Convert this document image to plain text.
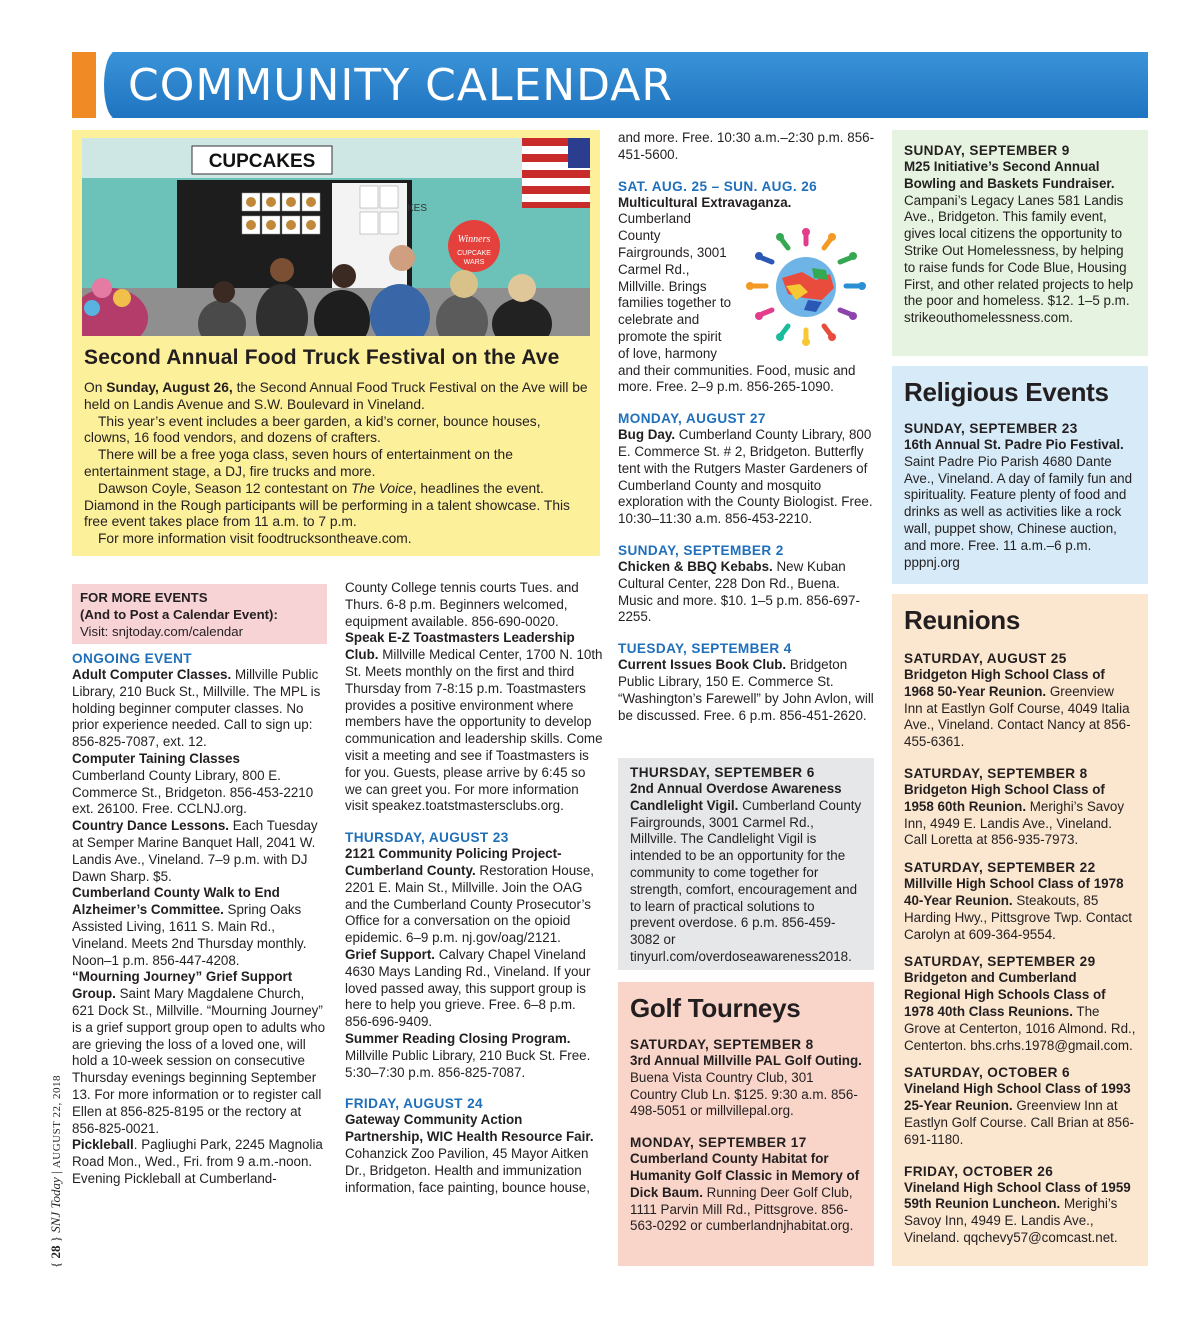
COMMUNITY CALENDAR
CUPCAKES
KES
Winners
CUPCAKE
WARS
Second Annual Food Truck Festival on the Ave

On Sunday, August 26, the Second Annual Food Truck Festival on the Ave will be held on Landis Avenue and S.W. Boulevard in Vineland.

This year’s event includes a beer garden, a kid’s corner, bounce houses, clowns, 16 food vendors, and dozens of crafters.

There will be a free yoga class, seven hours of entertainment on the entertainment stage, a DJ, fire trucks and more.

Dawson Coyle, Season 12 contestant on The Voice, headlines the event. Diamond in the Rough participants will be performing in a talent showcase. This free event takes place from 11 a.m. to 7 p.m.

For more information visit foodtrucksontheave.com.

FOR MORE EVENTS
(And to Post a Calendar Event):
Visit: snjtoday.com/calendar
ONGOING EVENT

Adult Computer Classes. Millville Public Library, 210 Buck St., Millville. The MPL is holding beginner computer classes. No prior experience needed. Call to sign up: 856-825-7087, ext. 12.

Computer Taining Classes

Cumberland County Library, 800 E. Commerce St., Bridgeton. 856-453-2210 ext. 26100. Free. CCLNJ.org.

Country Dance Lessons. Each Tuesday at Semper Marine Banquet Hall, 2041 W. Landis Ave., Vineland. 7–9 p.m. with DJ Dawn Sharp. $5.

Cumberland County Walk to End Alzheimer’s Committee. Spring Oaks Assisted Living, 1611 S. Main Rd., Vineland. Meets 2nd Thursday monthly. Noon–1 p.m. 856-447-4208.

“Mourning Journey” Grief Support Group. Saint Mary Magdalene Church, 621 Dock St., Millville. “Mourning Journey” is a grief support group open to adults who are grieving the loss of a loved one, will hold a 10-week session on consecutive Thursday evenings beginning September 13. For more information or to register call Ellen at 856-825-8195 or the rectory at 856-825-0021.

Pickleball. Pagliughi Park, 2245 Magnolia Road Mon., Wed., Fri. from 9 a.m.-noon. Evening Pickleball at Cumberland-

County College tennis courts Tues. and Thurs. 6-8 p.m. Beginners welcomed, equipment available. 856-690-0020.

Speak E-Z Toastmasters Leadership Club. Millville Medical Center, 1700 N. 10th St. Meets monthly on the first and third Thursday from 7-8:15 p.m. Toastmasters provides a positive environment where members have the opportunity to develop communication and leadership skills. Come visit a meeting and see if Toastmasters is for you. Guests, please arrive by 6:45 so we can greet you. For more information visit speakez.toatstmastersclubs.org.

THURSDAY, AUGUST 23

2121 Community Policing Project-Cumberland County. Restoration House, 2201 E. Main St., Millville. Join the OAG and the Cumberland County Prosecutor’s Office for a conversation on the opioid epidemic. 6–9 p.m. nj.gov/oag/2121.

Grief Support. Calvary Chapel Vineland 4630 Mays Landing Rd., Vineland. If your loved passed away, this support group is here to help you grieve. Free. 6–8 p.m. 856-696-9409.

Summer Reading Closing Program. Millville Public Library, 210 Buck St. Free. 5:30–7:30 p.m. 856-825-7087.

FRIDAY, AUGUST 24

Gateway Community Action Partnership, WIC Health Resource Fair. Cohanzick Zoo Pavilion, 45 Mayor Aitken Dr., Bridgeton. Health and immunization information, face painting, bounce house,

and more. Free. 10:30 a.m.–2:30 p.m. 856-451-5600.

SAT. AUG. 25 – SUN. AUG. 26

Multicultural Extravaganza.
Cumberland County Fairgrounds, 3001 Carmel Rd., Millville. Brings families together to celebrate and promote the spirit of love, harmony

and their communities. Food, music and more. Free. 2–9 p.m. 856-265-1090.

MONDAY, AUGUST 27

Bug Day. Cumberland County Library, 800 E. Commerce St. # 2, Bridgeton. Butterfly tent with the Rutgers Master Gardeners of Cumberland County and mosquito exploration with the County Biologist. Free. 10:30–11:30 a.m. 856-453-2210.

SUNDAY, SEPTEMBER 2

Chicken & BBQ Kebabs. New Kuban Cultural Center, 228 Don Rd., Buena. Music and more. $10. 1–5 p.m. 856-697-2255.

TUESDAY, SEPTEMBER 4

Current Issues Book Club. Bridgeton Public Library, 150 E. Commerce St. “Washington’s Farewell” by John Avlon, will be discussed. Free. 6 p.m. 856-451-2620.

THURSDAY, SEPTEMBER 6

2nd Annual Overdose Awareness Candlelight Vigil. Cumberland County Fairgrounds, 3001 Carmel Rd., Millville. The Candlelight Vigil is intended to be an opportunity for the community to come together for strength, comfort, encouragement and to learn of practical solutions to prevent overdose. 6 p.m. 856-459-3082 or tinyurl.com/overdoseawareness2018.

Golf Tourneys
SATURDAY, SEPTEMBER 8

3rd Annual Millville PAL Golf Outing. Buena Vista Country Club, 301 Country Club Ln. $125. 9:30 a.m. 856-498-5051 or millvillepal.org.

MONDAY, SEPTEMBER 17

Cumberland County Habitat for Humanity Golf Classic in Memory of Dick Baum. Running Deer Golf Club, 1111 Parvin Mill Rd., Pittsgrove. 856-563-0292 or cumberlandnjhabitat.org.

SUNDAY, SEPTEMBER 9

M25 Initiative’s Second Annual Bowling and Baskets Fundraiser. Campani’s Legacy Lanes 581 Landis Ave., Bridgeton. This family event, gives local citizens the opportunity to Strike Out Homelessness, by helping to raise funds for Code Blue, Housing First, and other related projects to help the poor and homeless. $12. 1–5 p.m. strikeouthomelessness.com.

Religious Events
SUNDAY, SEPTEMBER 23

16th Annual St. Padre Pio Festival. Saint Padre Pio Parish 4680 Dante Ave., Vineland. A day of family fun and spirituality. Feature plenty of food and drinks as well as activities like a rock wall, puppet show, Chinese auction, and more. Free. 11 a.m.–6 p.m. pppnj.org

Reunions
SATURDAY, AUGUST 25

Bridgeton High School Class of 1968 50-Year Reunion. Greenview Inn at Eastlyn Golf Course, 4049 Italia Ave., Vineland. Contact Nancy at 856-455-6361.

SATURDAY, SEPTEMBER 8

Bridgeton High School Class of 1958 60th Reunion. Merighi’s Savoy Inn, 4949 E. Landis Ave., Vineland. Call Loretta at 856-935-7973.

SATURDAY, SEPTEMBER 22

Millville High School Class of 1978 40-Year Reunion. Steakouts, 85 Harding Hwy., Pittsgrove Twp. Contact Carolyn at 609-364-9554.

SATURDAY, SEPTEMBER 29

Bridgeton and Cumberland Regional High Schools Class of 1978 40th Class Reunions. The Grove at Centerton, 1016 Almond. Rd., Centerton. bhs.crhs.1978@gmail.com.

SATURDAY, OCTOBER 6

Vineland High School Class of 1993 25-Year Reunion. Greenview Inn at Eastlyn Golf Course. Call Brian at 856-691-1180.

FRIDAY, OCTOBER 26

Vineland High School Class of 1959 59th Reunion Luncheon. Merighi’s Savoy Inn, 4949 E. Landis Ave., Vineland. qqchevy57@comcast.net.

{ 28 } SNJ Today | AUGUST 22, 2018
